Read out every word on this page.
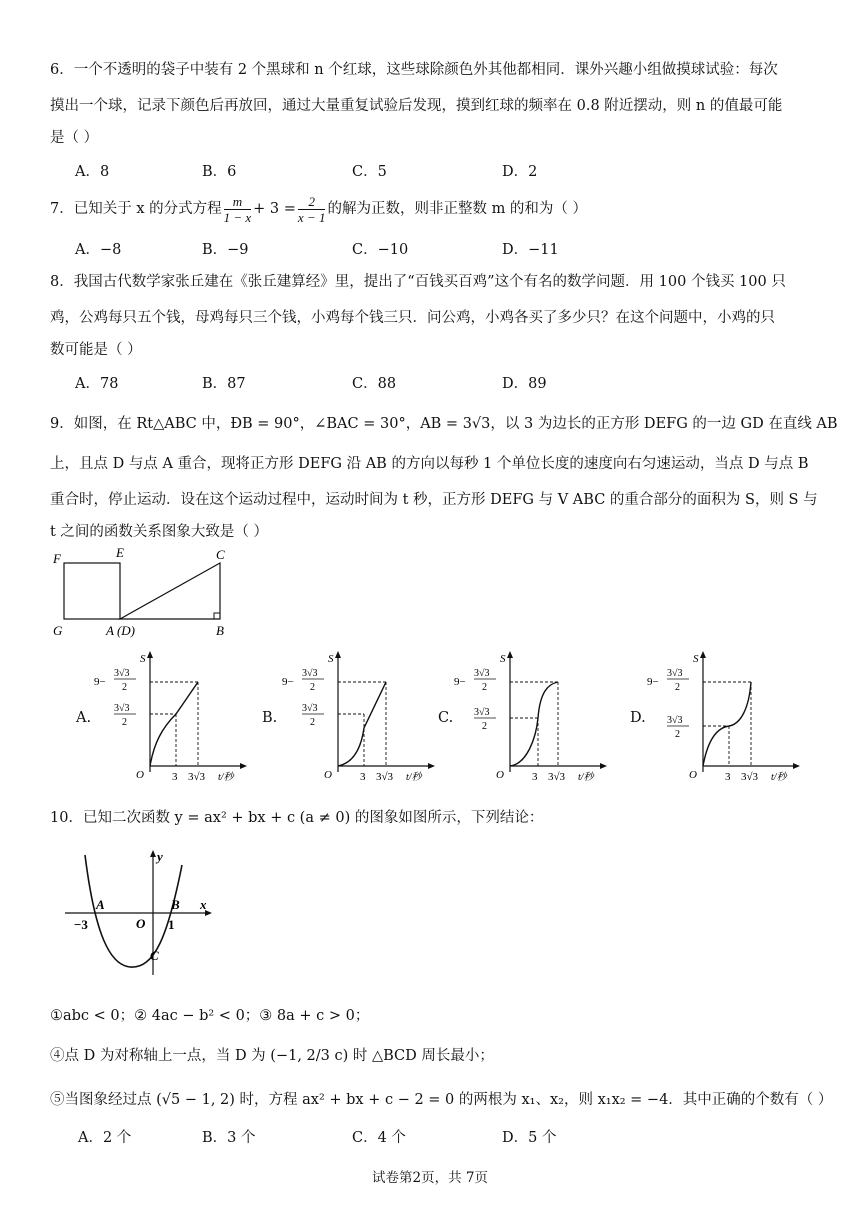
6．一个不透明的袋子中装有 2 个黑球和 n 个红球，这些球除颜色外其他都相同．课外兴趣小组做摸球试验：每次
摸出一个球，记录下颜色后再放回，通过大量重复试验后发现，摸到红球的频率在 0.8 附近摆动，则 n 的值最可能
是（ ）
A．8	B．6	C．5	D．2
7．已知关于 x 的分式方程 $\frac{m}{1 - x} + 3 = \frac{2}{x - 1}$ 的解为正数，则非正整数 m 的和为（ ）
A．−8	B．−9	C．−10	D．−11
8．我国古代数学家张丘建在《张丘建算经》里，提出了“百钱买百鸡”这个有名的数学问题．用 100 个钱买 100 只
鸡，公鸡每只五个钱，母鸡每只三个钱，小鸡每个钱三只．问公鸡，小鸡各买了多少只？在这个问题中，小鸡的只
数可能是（ ）
A．78	B．87	C．88	D．89
9．如图，在 Rt△ABC 中，ÐB = 90°，∠BAC = 30°，AB = 3√3，以 3 为边长的正方形 DEFG 的一边 GD 在直线 AB
上，且点 D 与点 A 重合，现将正方形 DEFG 沿 AB 的方向以每秒 1 个单位长度的速度向右匀速运动，当点 D 与点 B
重合时，停止运动．设在这个运动过程中，运动时间为 t 秒，正方形 DEFG 与 V ABC 的重合部分的面积为 S，则 S 与
t 之间的函数关系图象大致是（ ）
F	E	C
G	A (D)	B
A.	B.	C.	D.
S
O	3 3√3 t/秒
9−
3√3
2
3√3
2
S
O	3 3√3 t/秒
9−
3√3
2
3√3
2
S
O	3 3√3 t/秒
9−
3√3
2
3√3
2
S
O	3 3√3 t/秒
9−
3√3
2
3√3
2
10．已知二次函数 y = ax² + bx + c (a ≠ 0) 的图象如图所示，下列结论：
y
x
A	B
O
C
−3	1
①abc < 0；② 4ac − b² < 0；③ 8a + c > 0；
④点 D 为对称轴上一点，当 D 为 (−1, 2/3 c) 时 △BCD 周长最小；
⑤当图象经过点 (√5 − 1, 2) 时，方程 ax² + bx + c − 2 = 0 的两根为 x₁、x₂，则 x₁x₂ = −4．其中正确的个数有（ ）
A．2 个	B．3 个	C．4 个	D．5 个
试卷第2页，共 7页
